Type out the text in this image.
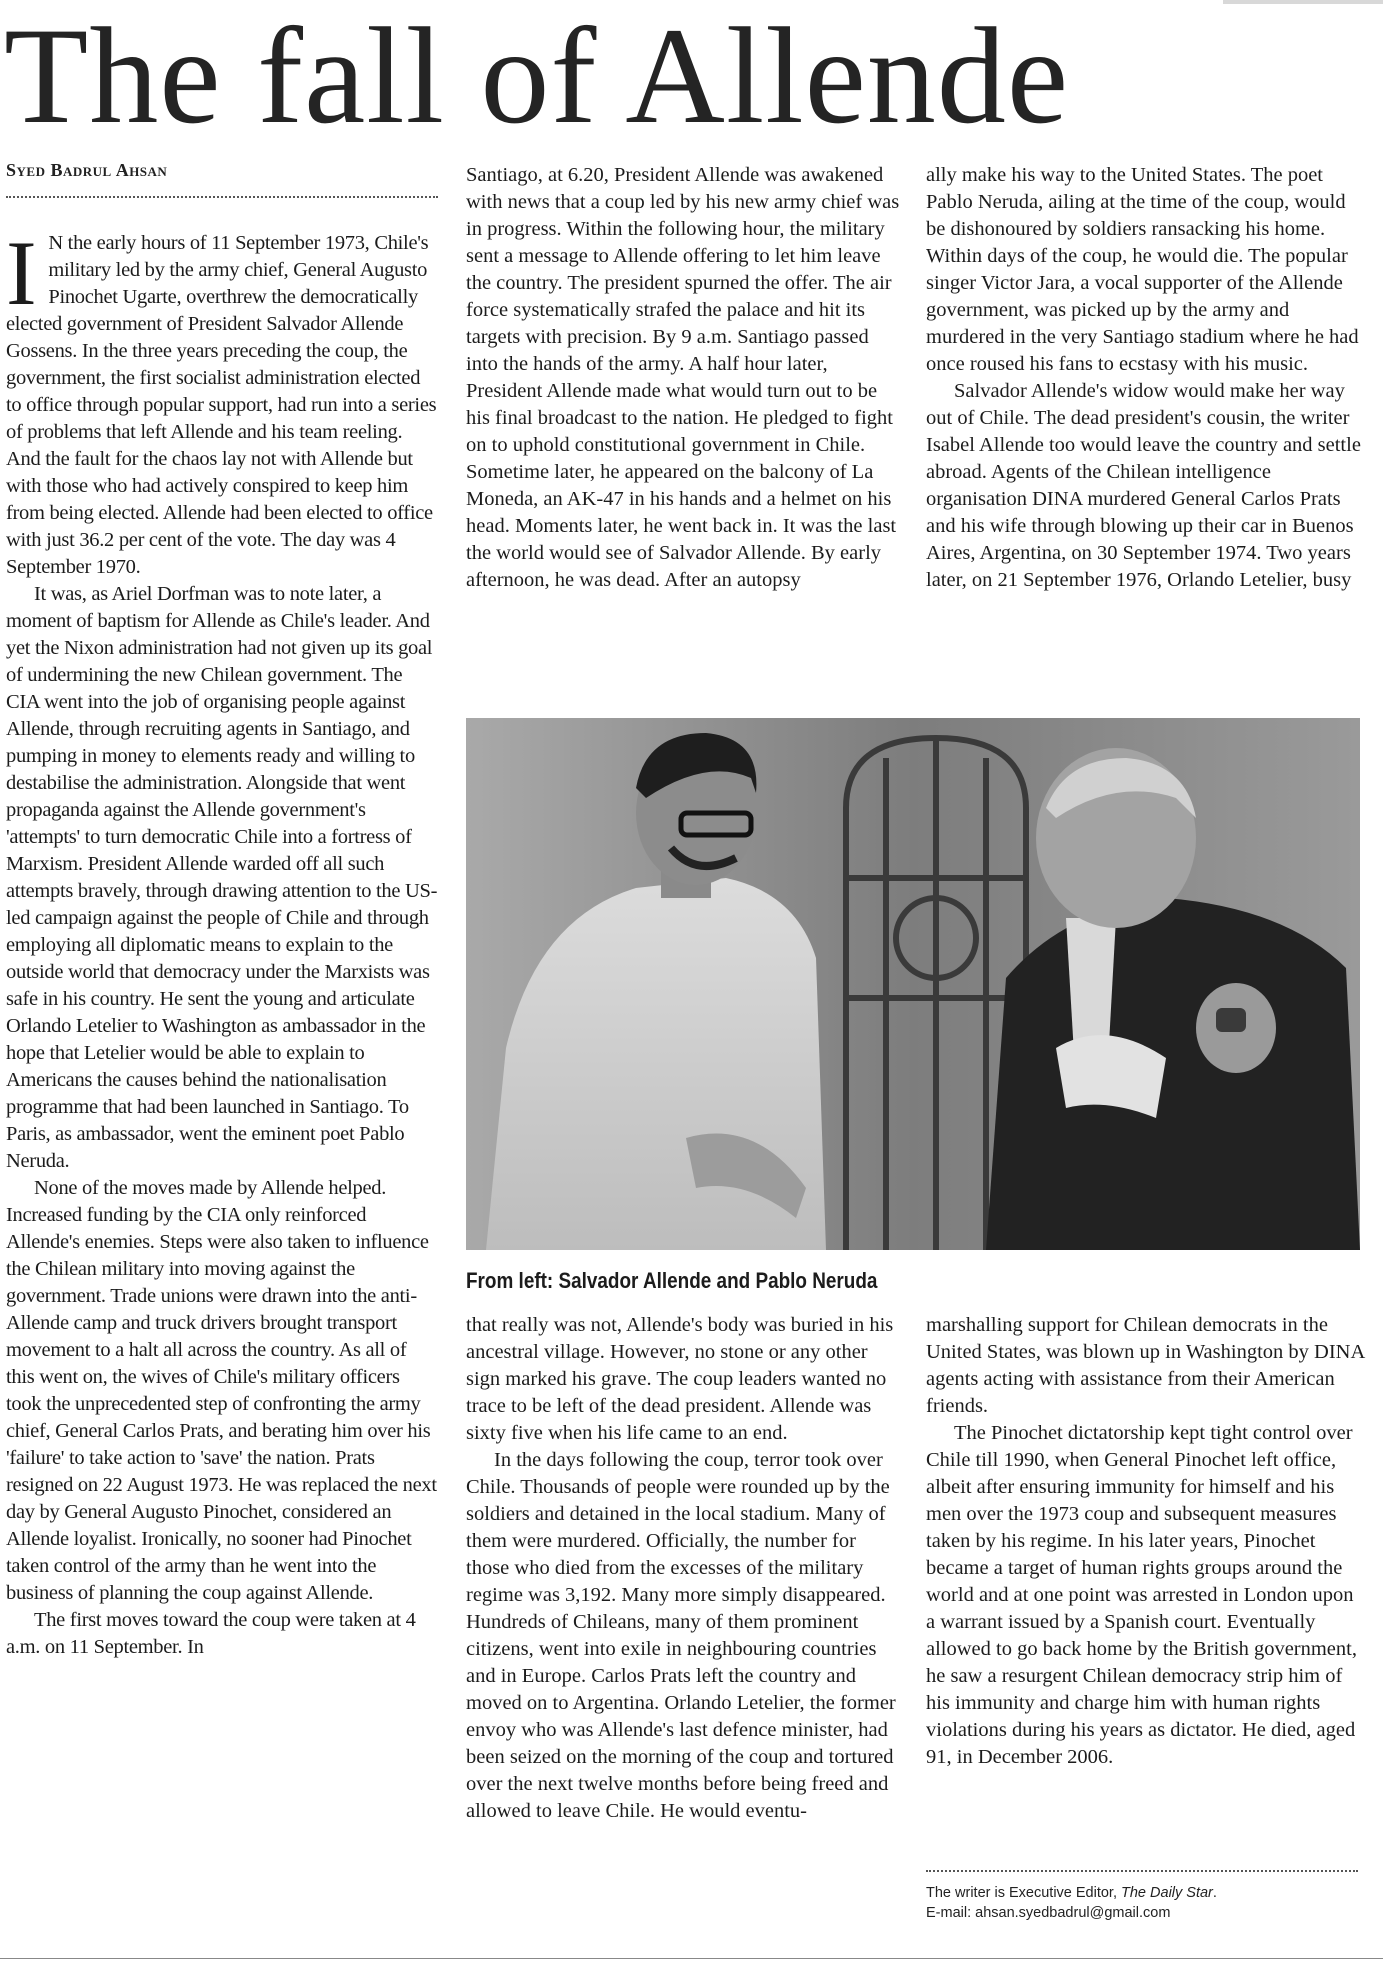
The fall of Allende
Syed Badrul Ahsan

I N the early hours of 11 September 1973, Chile's military led by the army chief, General Augusto Pinochet Ugarte, overthrew the democratically elected government of President Salvador Allende Gossens. In the three years preceding the coup, the government, the first socialist administration elected to office through popular support, had run into a series of problems that left Allende and his team reeling. And the fault for the chaos lay not with Allende but with those who had actively conspired to keep him from being elected. Allende had been elected to office with just 36.2 per cent of the vote. The day was 4 September 1970.

It was, as Ariel Dorfman was to note later, a moment of baptism for Allende as Chile's leader. And yet the Nixon administration had not given up its goal of undermining the new Chilean government. The CIA went into the job of organising people against Allende, through recruiting agents in Santiago, and pumping in money to elements ready and willing to destabilise the administration. Alongside that went propaganda against the Allende government's 'attempts' to turn democratic Chile into a fortress of Marxism. President Allende warded off all such attempts bravely, through drawing attention to the US-led campaign against the people of Chile and through employing all diplomatic means to explain to the outside world that democracy under the Marxists was safe in his country. He sent the young and articulate Orlando Letelier to Washington as ambassador in the hope that Letelier would be able to explain to Americans the causes behind the nationalisation programme that had been launched in Santiago. To Paris, as ambassador, went the eminent poet Pablo Neruda.

None of the moves made by Allende helped. Increased funding by the CIA only reinforced Allende's enemies. Steps were also taken to influence the Chilean military into moving against the government. Trade unions were drawn into the anti-Allende camp and truck drivers brought transport movement to a halt all across the country. As all of this went on, the wives of Chile's military officers took the unprecedented step of confronting the army chief, General Carlos Prats, and berating him over his 'failure' to take action to 'save' the nation. Prats resigned on 22 August 1973. He was replaced the next day by General Augusto Pinochet, considered an Allende loyalist. Ironically, no sooner had Pinochet taken control of the army than he went into the business of planning the coup against Allende.

The first moves toward the coup were taken at 4 a.m. on 11 September. In

Santiago, at 6.20, President Allende was awakened with news that a coup led by his new army chief was in progress. Within the following hour, the military sent a message to Allende offering to let him leave the country. The president spurned the offer. The air force systematically strafed the palace and hit its targets with precision. By 9 a.m. Santiago passed into the hands of the army. A half hour later, President Allende made what would turn out to be his final broadcast to the nation. He pledged to fight on to uphold constitutional government in Chile. Sometime later, he appeared on the balcony of La Moneda, an AK-47 in his hands and a helmet on his head. Moments later, he went back in. It was the last the world would see of Salvador Allende. By early afternoon, he was dead. After an autopsy

ally make his way to the United States. The poet Pablo Neruda, ailing at the time of the coup, would be dishonoured by soldiers ransacking his home. Within days of the coup, he would die. The popular singer Victor Jara, a vocal supporter of the Allende government, was picked up by the army and murdered in the very Santiago stadium where he had once roused his fans to ecstasy with his music.

Salvador Allende's widow would make her way out of Chile. The dead president's cousin, the writer Isabel Allende too would leave the country and settle abroad. Agents of the Chilean intelligence organisation DINA murdered General Carlos Prats and his wife through blowing up their car in Buenos Aires, Argentina, on 30 September 1974. Two years later, on 21 September 1976, Orlando Letelier, busy

From left: Salvador Allende and Pablo Neruda

that really was not, Allende's body was buried in his ancestral village. However, no stone or any other sign marked his grave. The coup leaders wanted no trace to be left of the dead president. Allende was sixty five when his life came to an end.

In the days following the coup, terror took over Chile. Thousands of people were rounded up by the soldiers and detained in the local stadium. Many of them were murdered. Officially, the number for those who died from the excesses of the military regime was 3,192. Many more simply disappeared. Hundreds of Chileans, many of them prominent citizens, went into exile in neighbouring countries and in Europe. Carlos Prats left the country and moved on to Argentina. Orlando Letelier, the former envoy who was Allende's last defence minister, had been seized on the morning of the coup and tortured over the next twelve months before being freed and allowed to leave Chile. He would eventu-

marshalling support for Chilean democrats in the United States, was blown up in Washington by DINA agents acting with assistance from their American friends.

The Pinochet dictatorship kept tight control over Chile till 1990, when General Pinochet left office, albeit after ensuring immunity for himself and his men over the 1973 coup and subsequent measures taken by his regime. In his later years, Pinochet became a target of human rights groups around the world and at one point was arrested in London upon a warrant issued by a Spanish court. Eventually allowed to go back home by the British government, he saw a resurgent Chilean democracy strip him of his immunity and charge him with human rights violations during his years as dictator. He died, aged 91, in December 2006.

The writer is Executive Editor, The Daily Star.
E-mail: ahsan.syedbadrul@gmail.com
